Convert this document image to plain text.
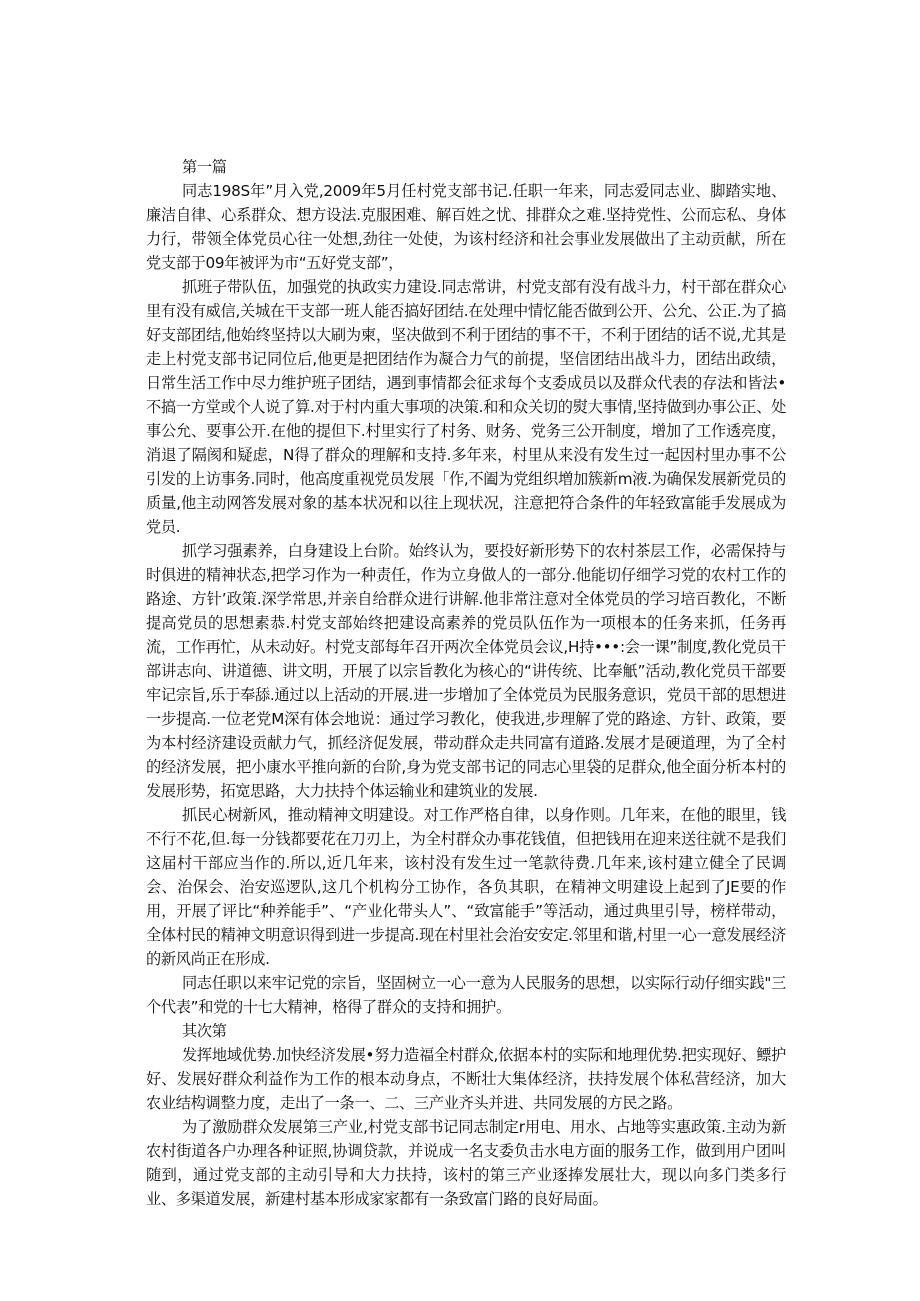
第一篇

同志198S年”月入党,2009年5月任村党支部书记.任职一年来，同志爱同志业、脚踏实地、廉洁自律、心系群众、想方设法.克服困难、解百姓之忧、排群众之难.坚持党性、公而忘私、身体力行，带领全体党员心往一处想,劲往一处使，为该村经济和社会事业发展做出了主动贡献，所在党支部于09年被评为市“五好党支部”，

抓班子带队伍，加强党的执政实力建设.同志常讲，村党支部有没有战斗力，村干部在群众心里有没有威信,关城在干支部一班人能否搞好团结.在处理中情忆能否做到公开、公允、公正.为了搞好支部团结,他始终坚持以大刷为柬，坚决做到不利于团结的事不干，不利于团结的话不说,尤其是走上村党支部书记同位后,他更是把团结作为凝合力气的前提，坚信团结出战斗力，团结出政绩，日常生活工作中尽力维护班子团结，遇到事情都会征求每个支委成员以及群众代表的存法和皆法•不搞一方堂或个人说了算.对于村内重大事项的决策.和和众关切的熨大事情,坚持做到办事公正、处事公允、要事公开.在他的提但下.村里实行了村务、财务、党务三公开制度，增加了工作透亮度，消退了隔阂和疑虑，N得了群众的理解和支持.多年来，村里从来没有发生过一起因村里办事不公引发的上访事务.同时，他高度重视党员发展「作,不阖为党组织増加簇新m液.为确保发展新党员的质量,他主动网答发展对象的基本状况和以往上现状况，注意把符合条件的年轻致富能手发展成为党员.

抓学习强素养，白身建设上台阶。始终认为，要投好新形势下的农村茶层工作，必需保持与时俱进的精神状态,把学习作为一种责任，作为立身做人的一部分.他能切仔细学习党的农村工作的路途、方针’政策.深学常思,并亲自给群众进行讲解.他非常注意对全体党员的学习培百教化，不断提高党员的思想素恭.村党支部始终把建设高素养的党员队伍作为一项根本的任务来抓，任务再流，工作再忙，从未动好。村党支部每年召开两次全体党员会议,H持•••:会一课”制度,教化党员干部讲志向、讲道德、讲文明，开展了以宗旨教化为核心的“讲传统、比奉觗”活动,教化党员干部要牢记宗旨,乐于奉舔.通过以上活动的开展.进一步增加了全体党员为民服务意识，党员干部的思想进一步提高.一位老党M深有体会地说：通过学习教化，使我进,步理解了党的路途、方针、政策，要为本村经济建设贡献力气，抓经济促发展，带动群众走共同富有道路.发展才是硬道理，为了全村的经济发展，把小康水平推向新的台阶,身为党支部书记的同志心里袋的足群众,他全面分析本村的发展形势，拓宽思路，大力扶持个体运输业和建筑业的发展.

抓民心树新风，推动精神文明建设。对工作严格自律，以身作则。几年来，在他的眼里，钱不行不花,但.每一分钱都要花在刀刃上，为全村群众办事花钱值，但把钱用在迎来送往就不是我们这届村干部应当作的.所以,近几年来，该村没有发生过一笔款待费.几年来,该村建立健全了民调会、治保会、治安巡逻队,这几个机构分工协作，各负其职，在精神文明建设上起到了JE要的作用，开展了评比“种养能手”、“产业化带头人”、“致富能手”等活动，通过典里引导，榜样带动，全体村民的精神文明意识得到进一步提高.现在村里社会治安安定.邻里和谐,村里一心一意发展经济的新风尚正在形成.

同志任职以来牢记党的宗旨，坚固树立一心一意为人民服务的思想，以实际行动仔细实践"三个代表”和党的十七大精神，格得了群众的支持和拥护。

其次第

发挥地域优势.加快经济发展•努力造福全村群众,依据本村的实际和地理优势.把实现好、鳔护好、发展好群众利益作为工作的根本动身点，不断壮大集体经济，扶持发展个体私营经济，加大农业结构调整力度，走出了一条一、二、三产业齐头并进、共同发展的方民之路。

为了激励群众发展第三产业,村党支部书记同志制定r用电、用水、占地等实惠政策.主动为新农村街道各户办理各种证照,协调贷款，并说成一名支委负击水电方面的服务工作，做到用户团叫随到，通过党支部的主动引导和大力扶持，该村的第三产业逐捧发展壮大，现以向多门类多行业、多渠道发展，新建村基本形成家家都有一条致富门路的良好局面。
